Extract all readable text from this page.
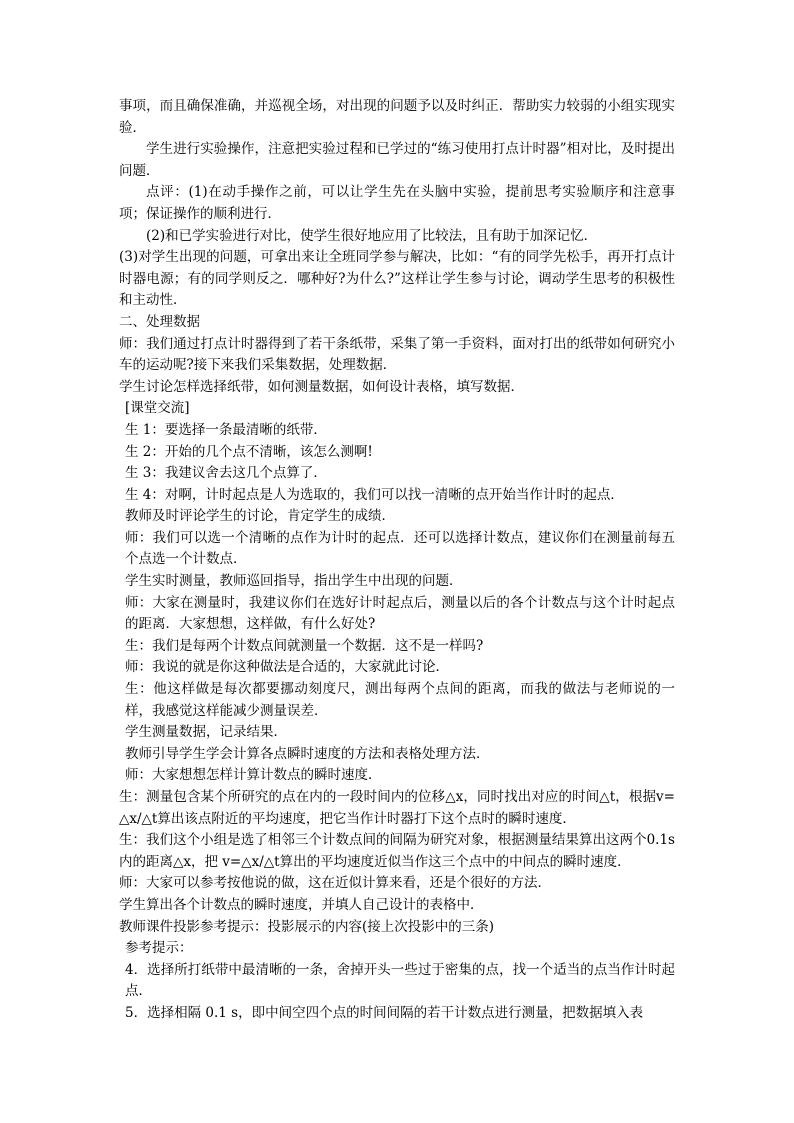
事项，而且确保准确，并巡视全场，对出现的问题予以及时纠正．帮助实力较弱的小组实现实验．

学生进行实验操作，注意把实验过程和已学过的“练习使用打点计时器”相对比，及时提出问题．

点评：(1)在动手操作之前，可以让学生先在头脑中实验，提前思考实验顺序和注意事项；保证操作的顺利进行．

(2)和已学实验进行对比，使学生很好地应用了比较法，且有助于加深记忆．

(3)对学生出现的问题，可拿出来让全班同学参与解决，比如：“有的同学先松手，再开打点计时器电源；有的同学则反之．哪种好?为什么?”这样让学生参与讨论，调动学生思考的积极性和主动性．

二、处理数据

师：我们通过打点计时器得到了若干条纸带，采集了第一手资料，面对打出的纸带如何研究小车的运动呢?接下来我们采集数据，处理数据．

学生讨论怎样选择纸带，如何测量数据，如何设计表格，填写数据．

[课堂交流]

生 1：要选择一条最清晰的纸带．

生 2：开始的几个点不清晰，该怎么测啊!

生 3：我建议舍去这几个点算了．

生 4：对啊，计时起点是人为选取的，我们可以找一清晰的点开始当作计时的起点．

教师及时评论学生的讨论，肯定学生的成绩．

师：我们可以选一个清晰的点作为计时的起点．还可以选择计数点，建议你们在测量前每五个点选一个计数点．

学生实时测量，教师巡回指导，指出学生中出现的问题．

师：大家在测量时，我建议你们在选好计时起点后，测量以后的各个计数点与这个计时起点的距离．大家想想，这样做，有什么好处?

生：我们是每两个计数点间就测量一个数据．这不是一样吗?

师：我说的就是你这种做法是合适的，大家就此讨论．

生：他这样做是每次都要挪动刻度尺，测出每两个点间的距离，而我的做法与老师说的一样，我感觉这样能减少测量误差．

学生测量数据，记录结果．

教师引导学生学会计算各点瞬时速度的方法和表格处理方法．

师：大家想想怎样计算计数点的瞬时速度．

生：测量包含某个所研究的点在内的一段时间内的位移△x，同时找出对应的时间△t，根据v=△x/△t算出该点附近的平均速度，把它当作计时器打下这个点时的瞬时速度．

生：我们这个小组是选了相邻三个计数点间的间隔为研究对象，根据测量结果算出这两个0.1s内的距离△x，把 v=△x/△t算出的平均速度近似当作这三个点中的中间点的瞬时速度．

师：大家可以参考按他说的做，这在近似计算来看，还是个很好的方法．

学生算出各个计数点的瞬时速度，并填人自己设计的表格中．

教师课件投影参考提示：投影展示的内容(接上次投影中的三条)

参考提示：

4．选择所打纸带中最清晰的一条，舍掉开头一些过于密集的点，找一个适当的点当作计时起点．

5．选择相隔 0.1 s，即中间空四个点的时间间隔的若干计数点进行测量，把数据填入表
